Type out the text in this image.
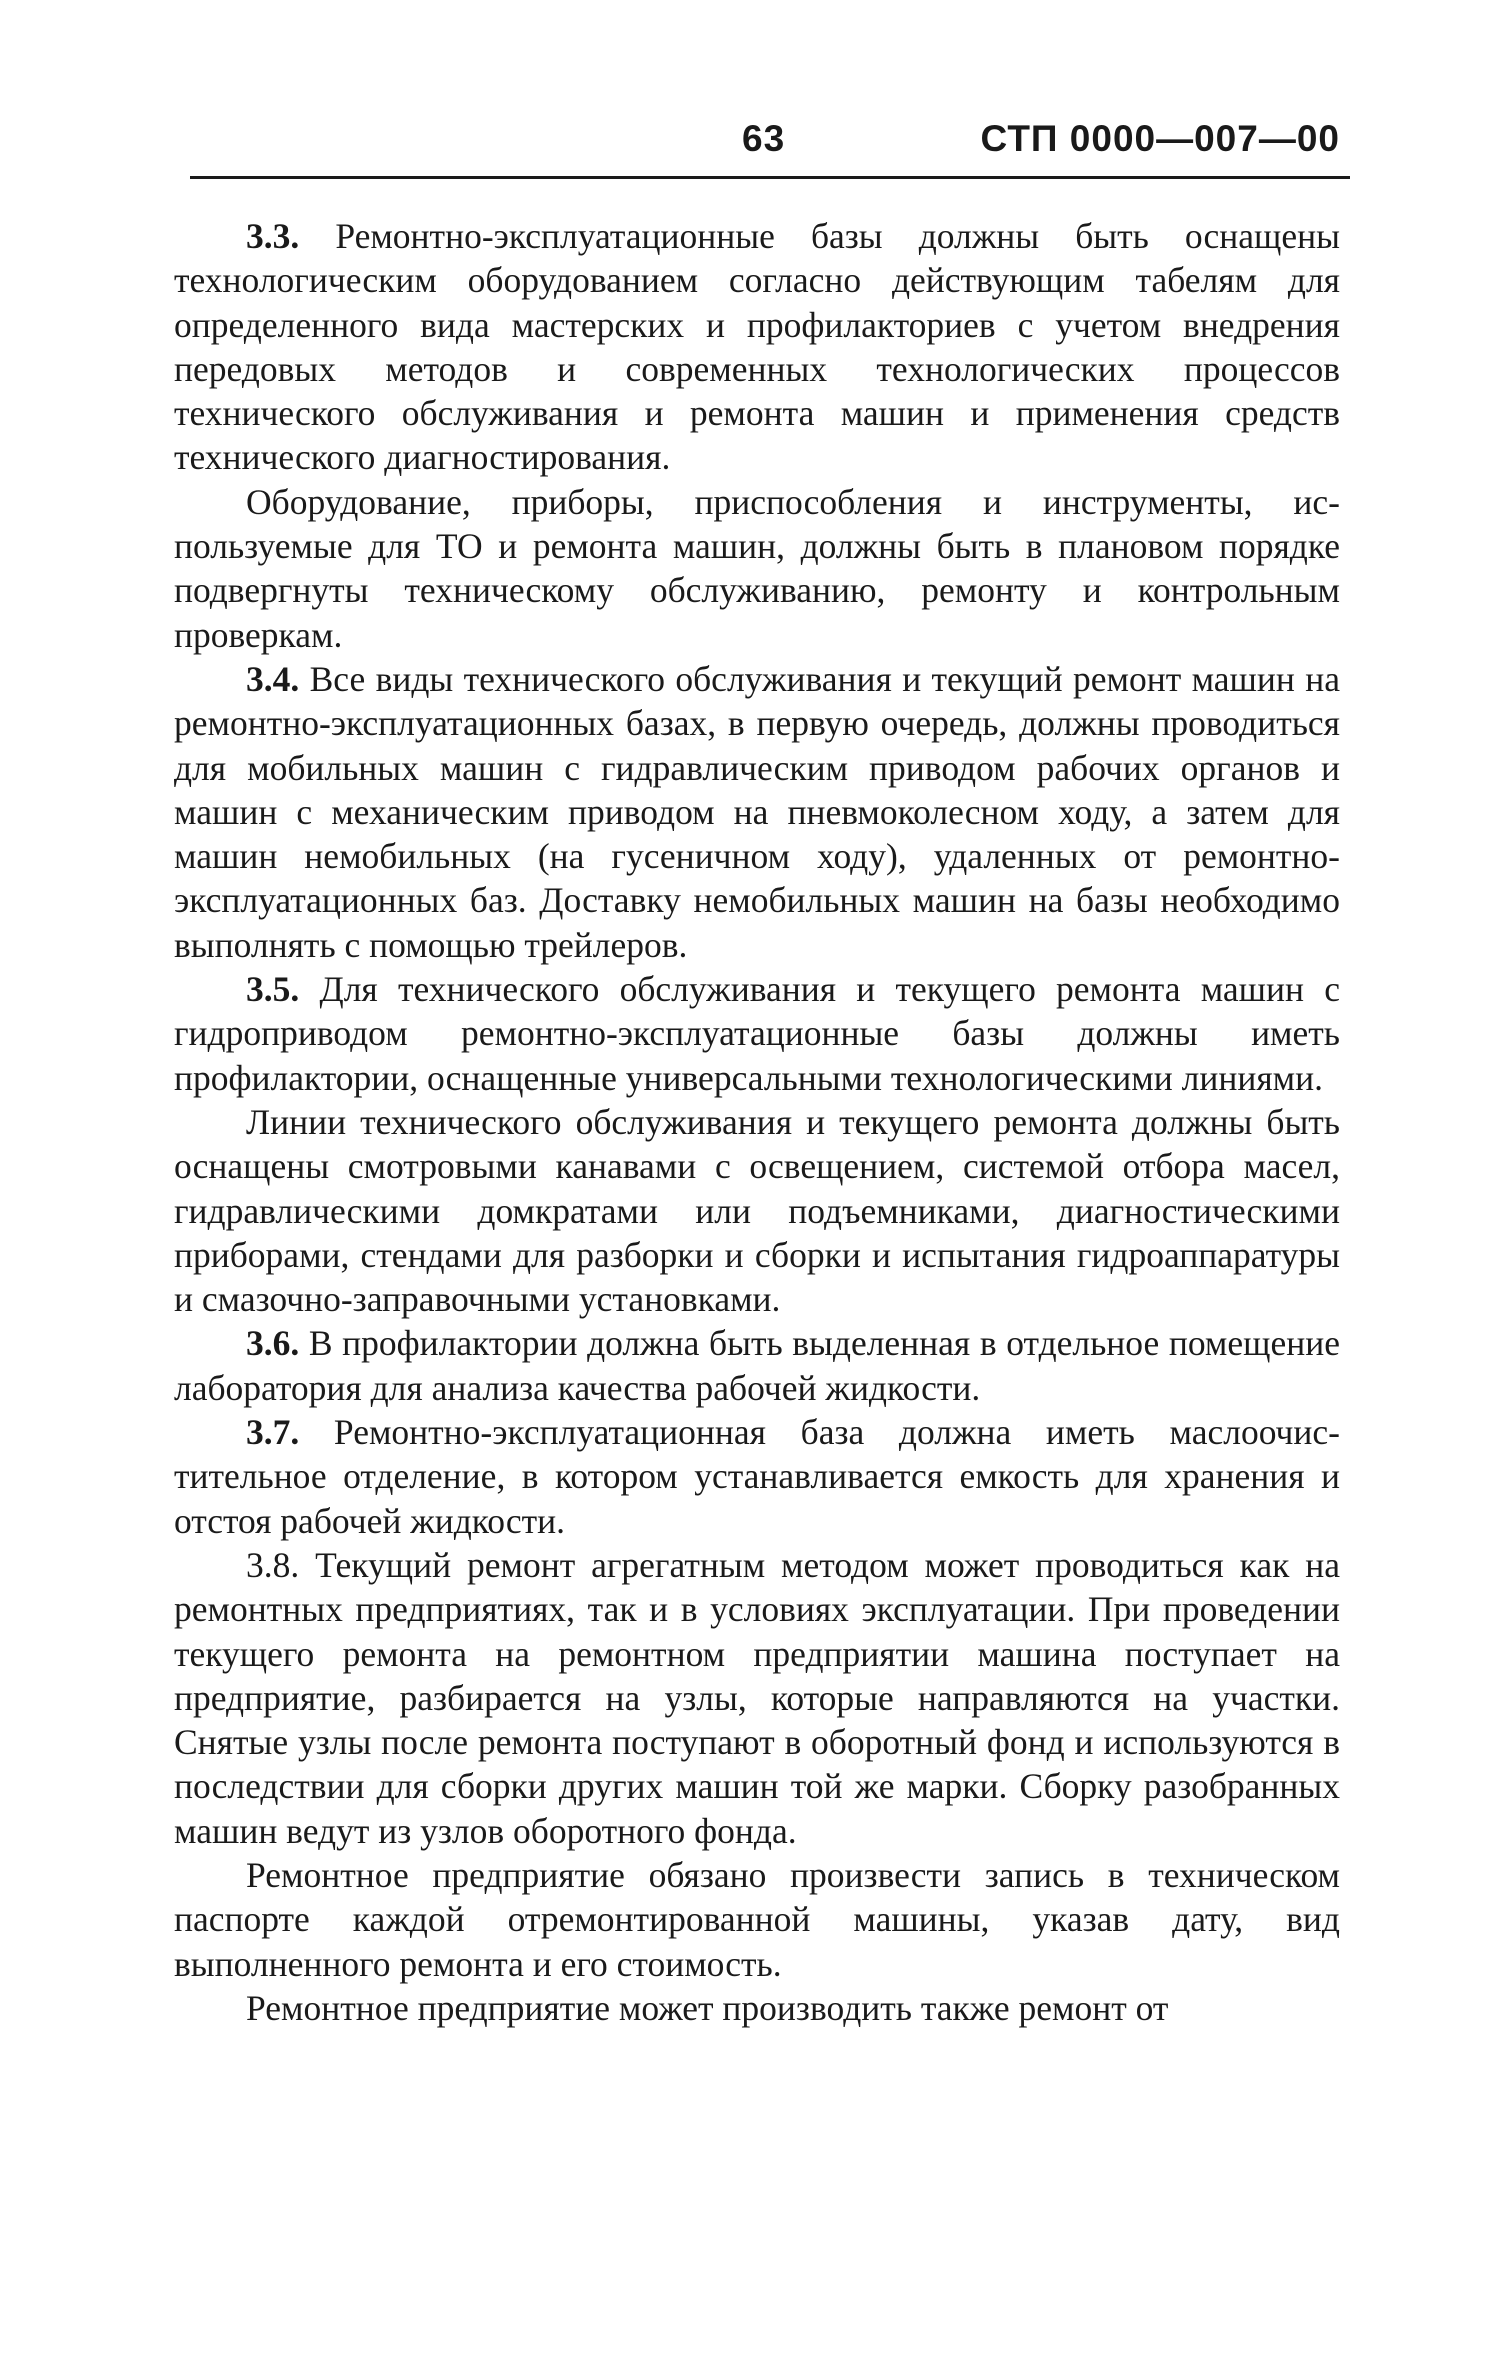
63	СТП 0000—007—00

3.3. Ремонтно-эксплуатационные базы должны быть оснащены технологическим оборудованием согласно действующим табелям для определенного вида мастерских и профилакториев с учетом внедрения передовых методов и современных технологических процессов технического обслуживания и ремонта машин и применения средств технического диагностирования.

Оборудование, приборы, приспособления и инструменты, используемые для ТО и ремонта машин, должны быть в плановом порядке подвергнуты техническому обслуживанию, ремонту и контрольным проверкам.

3.4. Все виды технического обслуживания и текущий ремонт машин на ремонтно-эксплуатационных базах, в первую очередь, должны проводиться для мобильных машин с гидравлическим приводом рабочих органов и машин с механическим приводом на пневмоколесном ходу, а затем для машин немобильных (на гусеничном ходу), удаленных от ремонтно-эксплуатационных баз. Доставку немобильных машин на базы необходимо выполнять с помощью трейлеров.

3.5. Для технического обслуживания и текущего ремонта машин с гидроприводом ремонтно-эксплуатационные базы должны иметь профилактории, оснащенные универсальными технологическими линиями.

Линии технического обслуживания и текущего ремонта должны быть оснащены смотровыми канавами с освещением, системой отбора масел, гидравлическими домкратами или подъемниками, диагностическими приборами, стендами для разборки и сборки и испытания гидроаппаратуры и смазочно-заправочными установками.

3.6. В профилактории должна быть выделенная в отдельное помещение лаборатория для анализа качества рабочей жидкости.

3.7. Ремонтно-эксплуатационная база должна иметь маслоочистительное отделение, в котором устанавливается емкость для хранения и отстоя рабочей жидкости.

3.8. Текущий ремонт агрегатным методом может проводиться как на ремонтных предприятиях, так и в условиях эксплуатации. При проведении текущего ремонта на ремонтном предприятии машина поступает на предприятие, разбирается на узлы, которые направляются на участки. Снятые узлы после ремонта поступают в оборотный фонд и используются в последствии для сборки других машин той же марки. Сборку разобранных машин ведут из узлов оборотного фонда.

Ремонтное предприятие обязано произвести запись в техническом паспорте каждой отремонтированной машины, указав дату, вид выполненного ремонта и его стоимость.

Ремонтное предприятие может производить также ремонт от
